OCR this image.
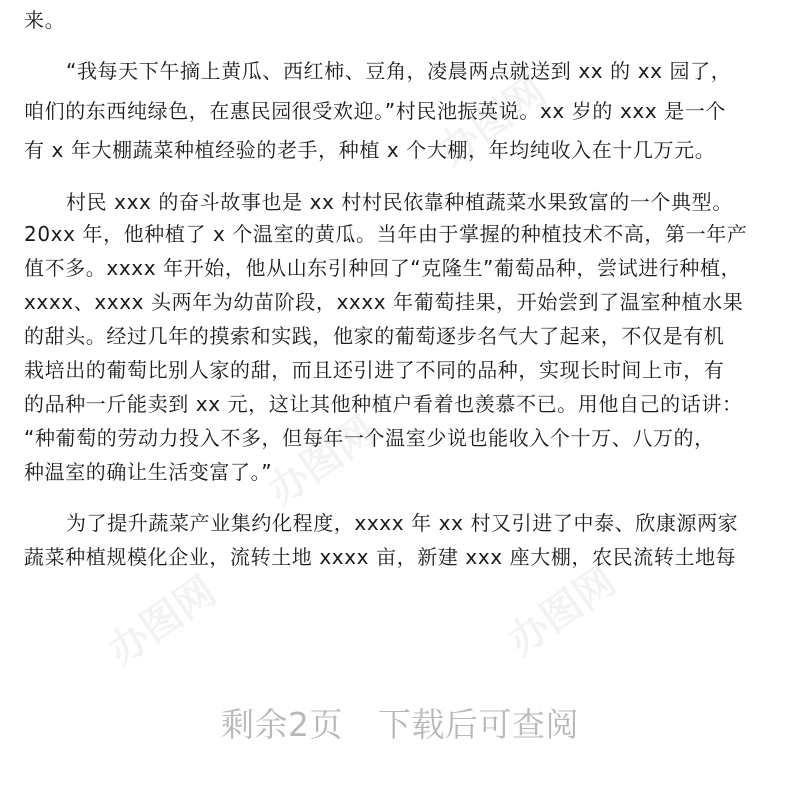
办图网
办图网
办图网
办图网
来。
“我每天下午摘上黄瓜、西红柿、豆角，凌晨两点就送到 xx 的 xx 园了，
咱们的东西纯绿色，在惠民园很受欢迎。”村民池振英说。xx 岁的 xxx 是一个
有 x 年大棚蔬菜种植经验的老手，种植 x 个大棚，年均纯收入在十几万元。
村民 xxx 的奋斗故事也是 xx 村村民依靠种植蔬菜水果致富的一个典型。
20xx 年，他种植了 x 个温室的黄瓜。当年由于掌握的种植技术不高，第一年产
值不多。xxxx 年开始，他从山东引种回了“克隆生”葡萄品种，尝试进行种植，
xxxx、xxxx 头两年为幼苗阶段，xxxx 年葡萄挂果，开始尝到了温室种植水果
的甜头。经过几年的摸索和实践，他家的葡萄逐步名气大了起来，不仅是有机
栽培出的葡萄比别人家的甜，而且还引进了不同的品种，实现长时间上市，有
的品种一斤能卖到 xx 元，这让其他种植户看着也羡慕不已。用他自己的话讲：
“种葡萄的劳动力投入不多，但每年一个温室少说也能收入个十万、八万的，
种温室的确让生活变富了。”
为了提升蔬菜产业集约化程度，xxxx 年 xx 村又引进了中泰、欣康源两家
蔬菜种植规模化企业，流转土地 xxxx 亩，新建 xxx 座大棚，农民流转土地每
剩余2页 下载后可查阅
